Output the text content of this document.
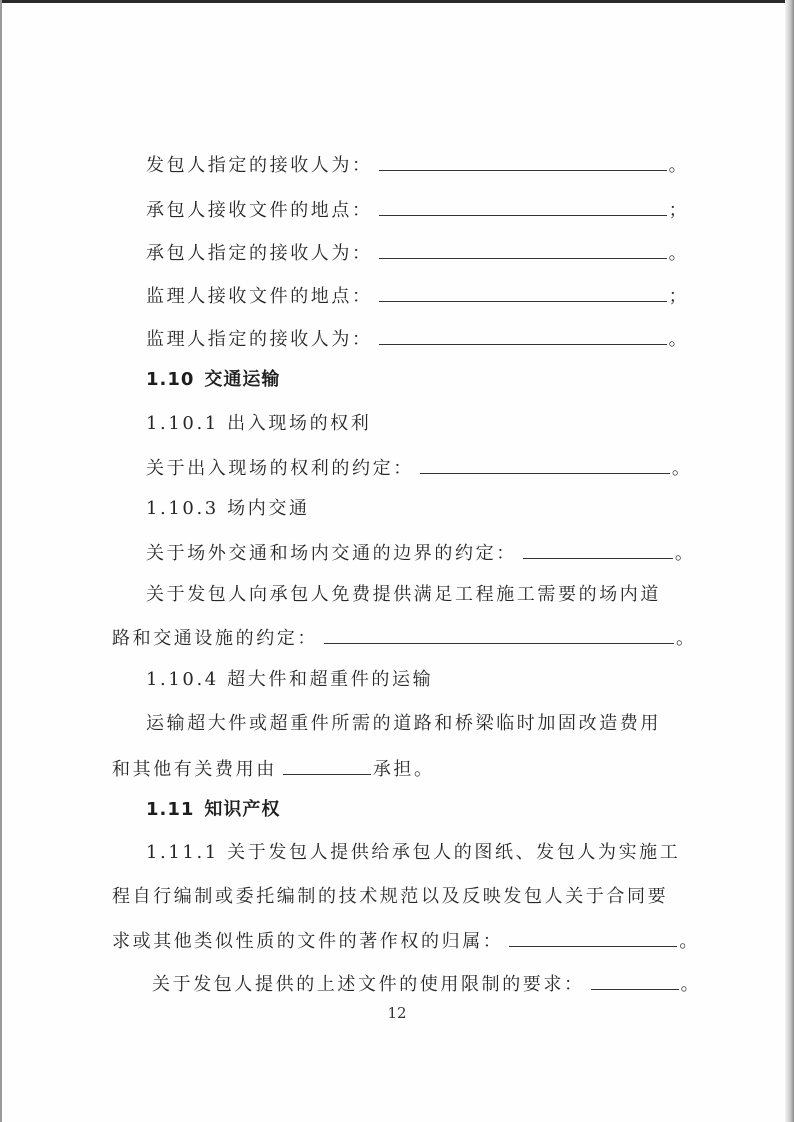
发包人指定的接收人为：	。
承包人接收文件的地点：	；
承包人指定的接收人为：	。
监理人接收文件的地点：	；
监理人指定的接收人为：	。
1.10 交通运输
1.10.1 出入现场的权利
关于出入现场的权利的约定：	。
1.10.3 场内交通
关于场外交通和场内交通的边界的约定：	。
关于发包人向承包人免费提供满足工程施工需要的场内道
路和交通设施的约定：	。
1.10.4 超大件和超重件的运输
运输超大件或超重件所需的道路和桥梁临时加固改造费用
和其他有关费用由	承担。
1.11 知识产权
1.11.1 关于发包人提供给承包人的图纸、发包人为实施工
程自行编制或委托编制的技术规范以及反映发包人关于合同要
求或其他类似性质的文件的著作权的归属：	。
关于发包人提供的上述文件的使用限制的要求：	。
12
